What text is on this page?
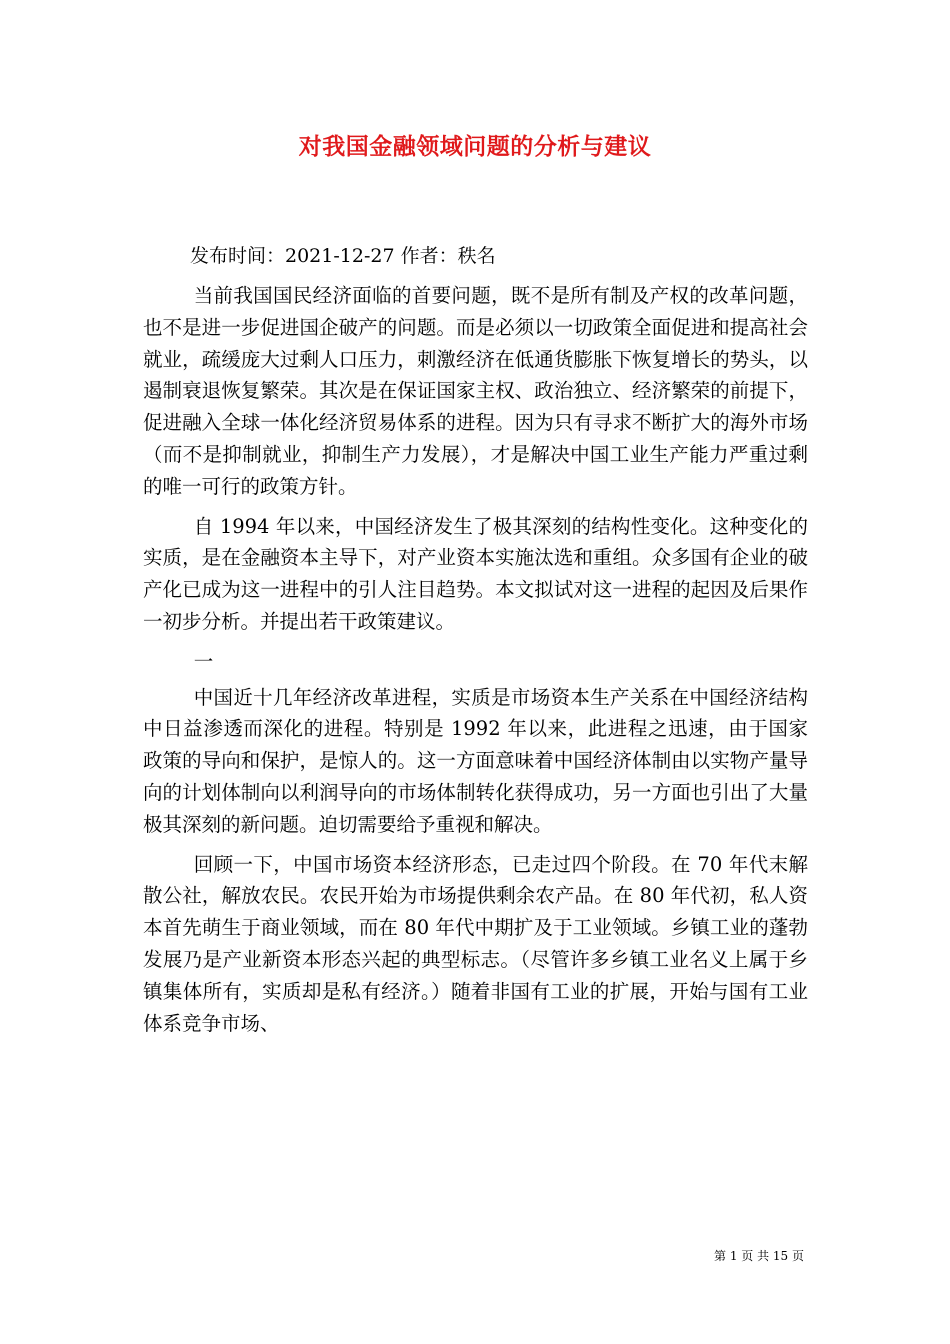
对我国金融领域问题的分析与建议
发布时间：2021-12-27 作者：秩名

当前我国国民经济面临的首要问题，既不是所有制及产权的改革问题，也不是进一步促进国企破产的问题。而是必须以一切政策全面促进和提高社会就业，疏缓庞大过剩人口压力，刺激经济在低通货膨胀下恢复增长的势头，以遏制衰退恢复繁荣。其次是在保证国家主权、政治独立、经济繁荣的前提下，促进融入全球一体化经济贸易体系的进程。因为只有寻求不断扩大的海外市场（而不是抑制就业，抑制生产力发展），才是解决中国工业生产能力严重过剩的唯一可行的政策方针。

自 1994 年以来，中国经济发生了极其深刻的结构性变化。这种变化的实质，是在金融资本主导下，对产业资本实施汰选和重组。众多国有企业的破产化已成为这一进程中的引人注目趋势。本文拟试对这一进程的起因及后果作一初步分析。并提出若干政策建议。

一

中国近十几年经济改革进程，实质是市场资本生产关系在中国经济结构中日益渗透而深化的进程。特别是 1992 年以来，此进程之迅速，由于国家政策的导向和保护，是惊人的。这一方面意味着中国经济体制由以实物产量导向的计划体制向以利润导向的市场体制转化获得成功，另一方面也引出了大量极其深刻的新问题。迫切需要给予重视和解决。

回顾一下，中国市场资本经济形态，已走过四个阶段。在 70 年代末解散公社，解放农民。农民开始为市场提供剩余农产品。在 80 年代初，私人资本首先萌生于商业领域，而在 80 年代中期扩及于工业领域。乡镇工业的蓬勃发展乃是产业新资本形态兴起的典型标志。（尽管许多乡镇工业名义上属于乡镇集体所有，实质却是私有经济。）随着非国有工业的扩展，开始与国有工业体系竞争市场、

第 1 页 共 15 页
